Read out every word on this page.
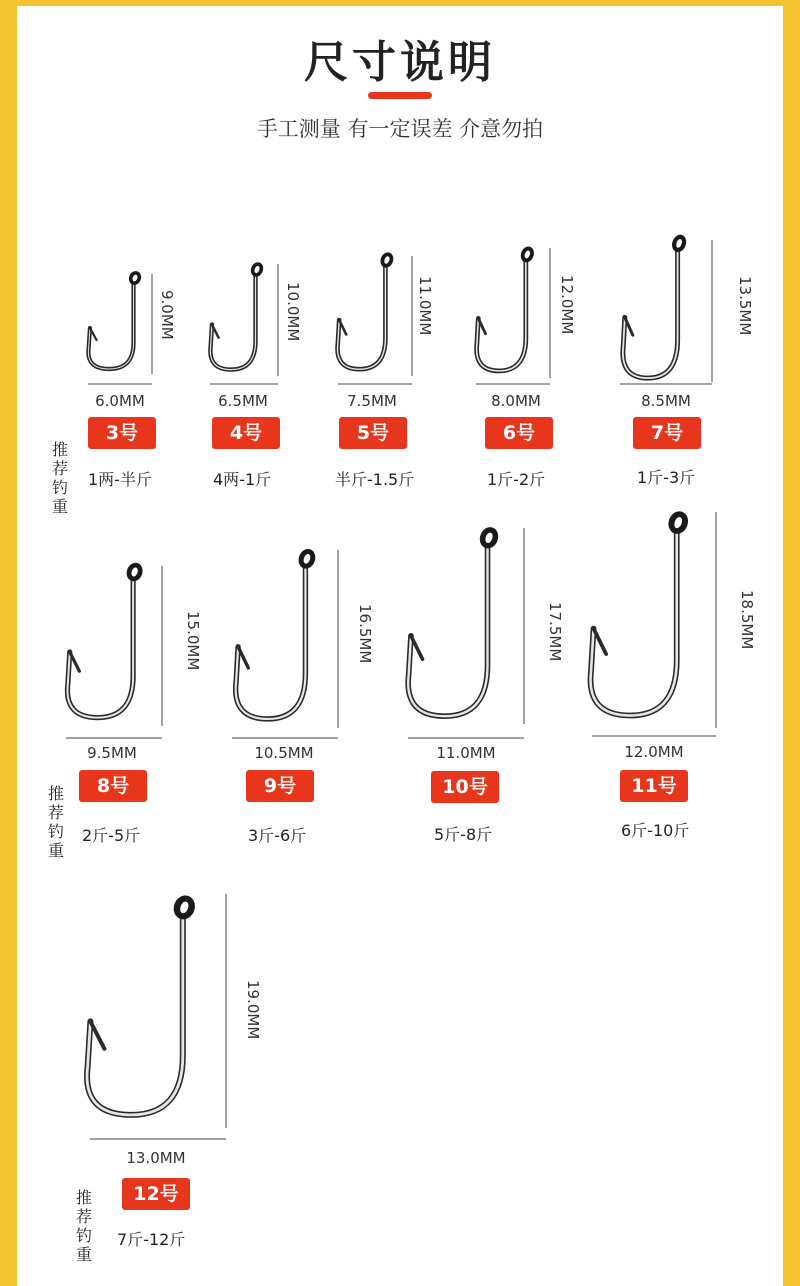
尺寸说明
手工测量 有一定误差 介意勿拍
9.0MM
6.0MM
3号
1两-半斤
10.0MM
6.5MM
4号
4两-1斤
11.0MM
7.5MM
5号
半斤-1.5斤
12.0MM
8.0MM
6号
1斤-2斤
13.5MM
8.5MM
7号
1斤-3斤
15.0MM
9.5MM
8号
2斤-5斤
16.5MM
10.5MM
9号
3斤-6斤
17.5MM
11.0MM
10号
5斤-8斤
18.5MM
12.0MM
11号
6斤-10斤
19.0MM
13.0MM
12号
7斤-12斤
推荐钓重
推荐钓重
推荐钓重
